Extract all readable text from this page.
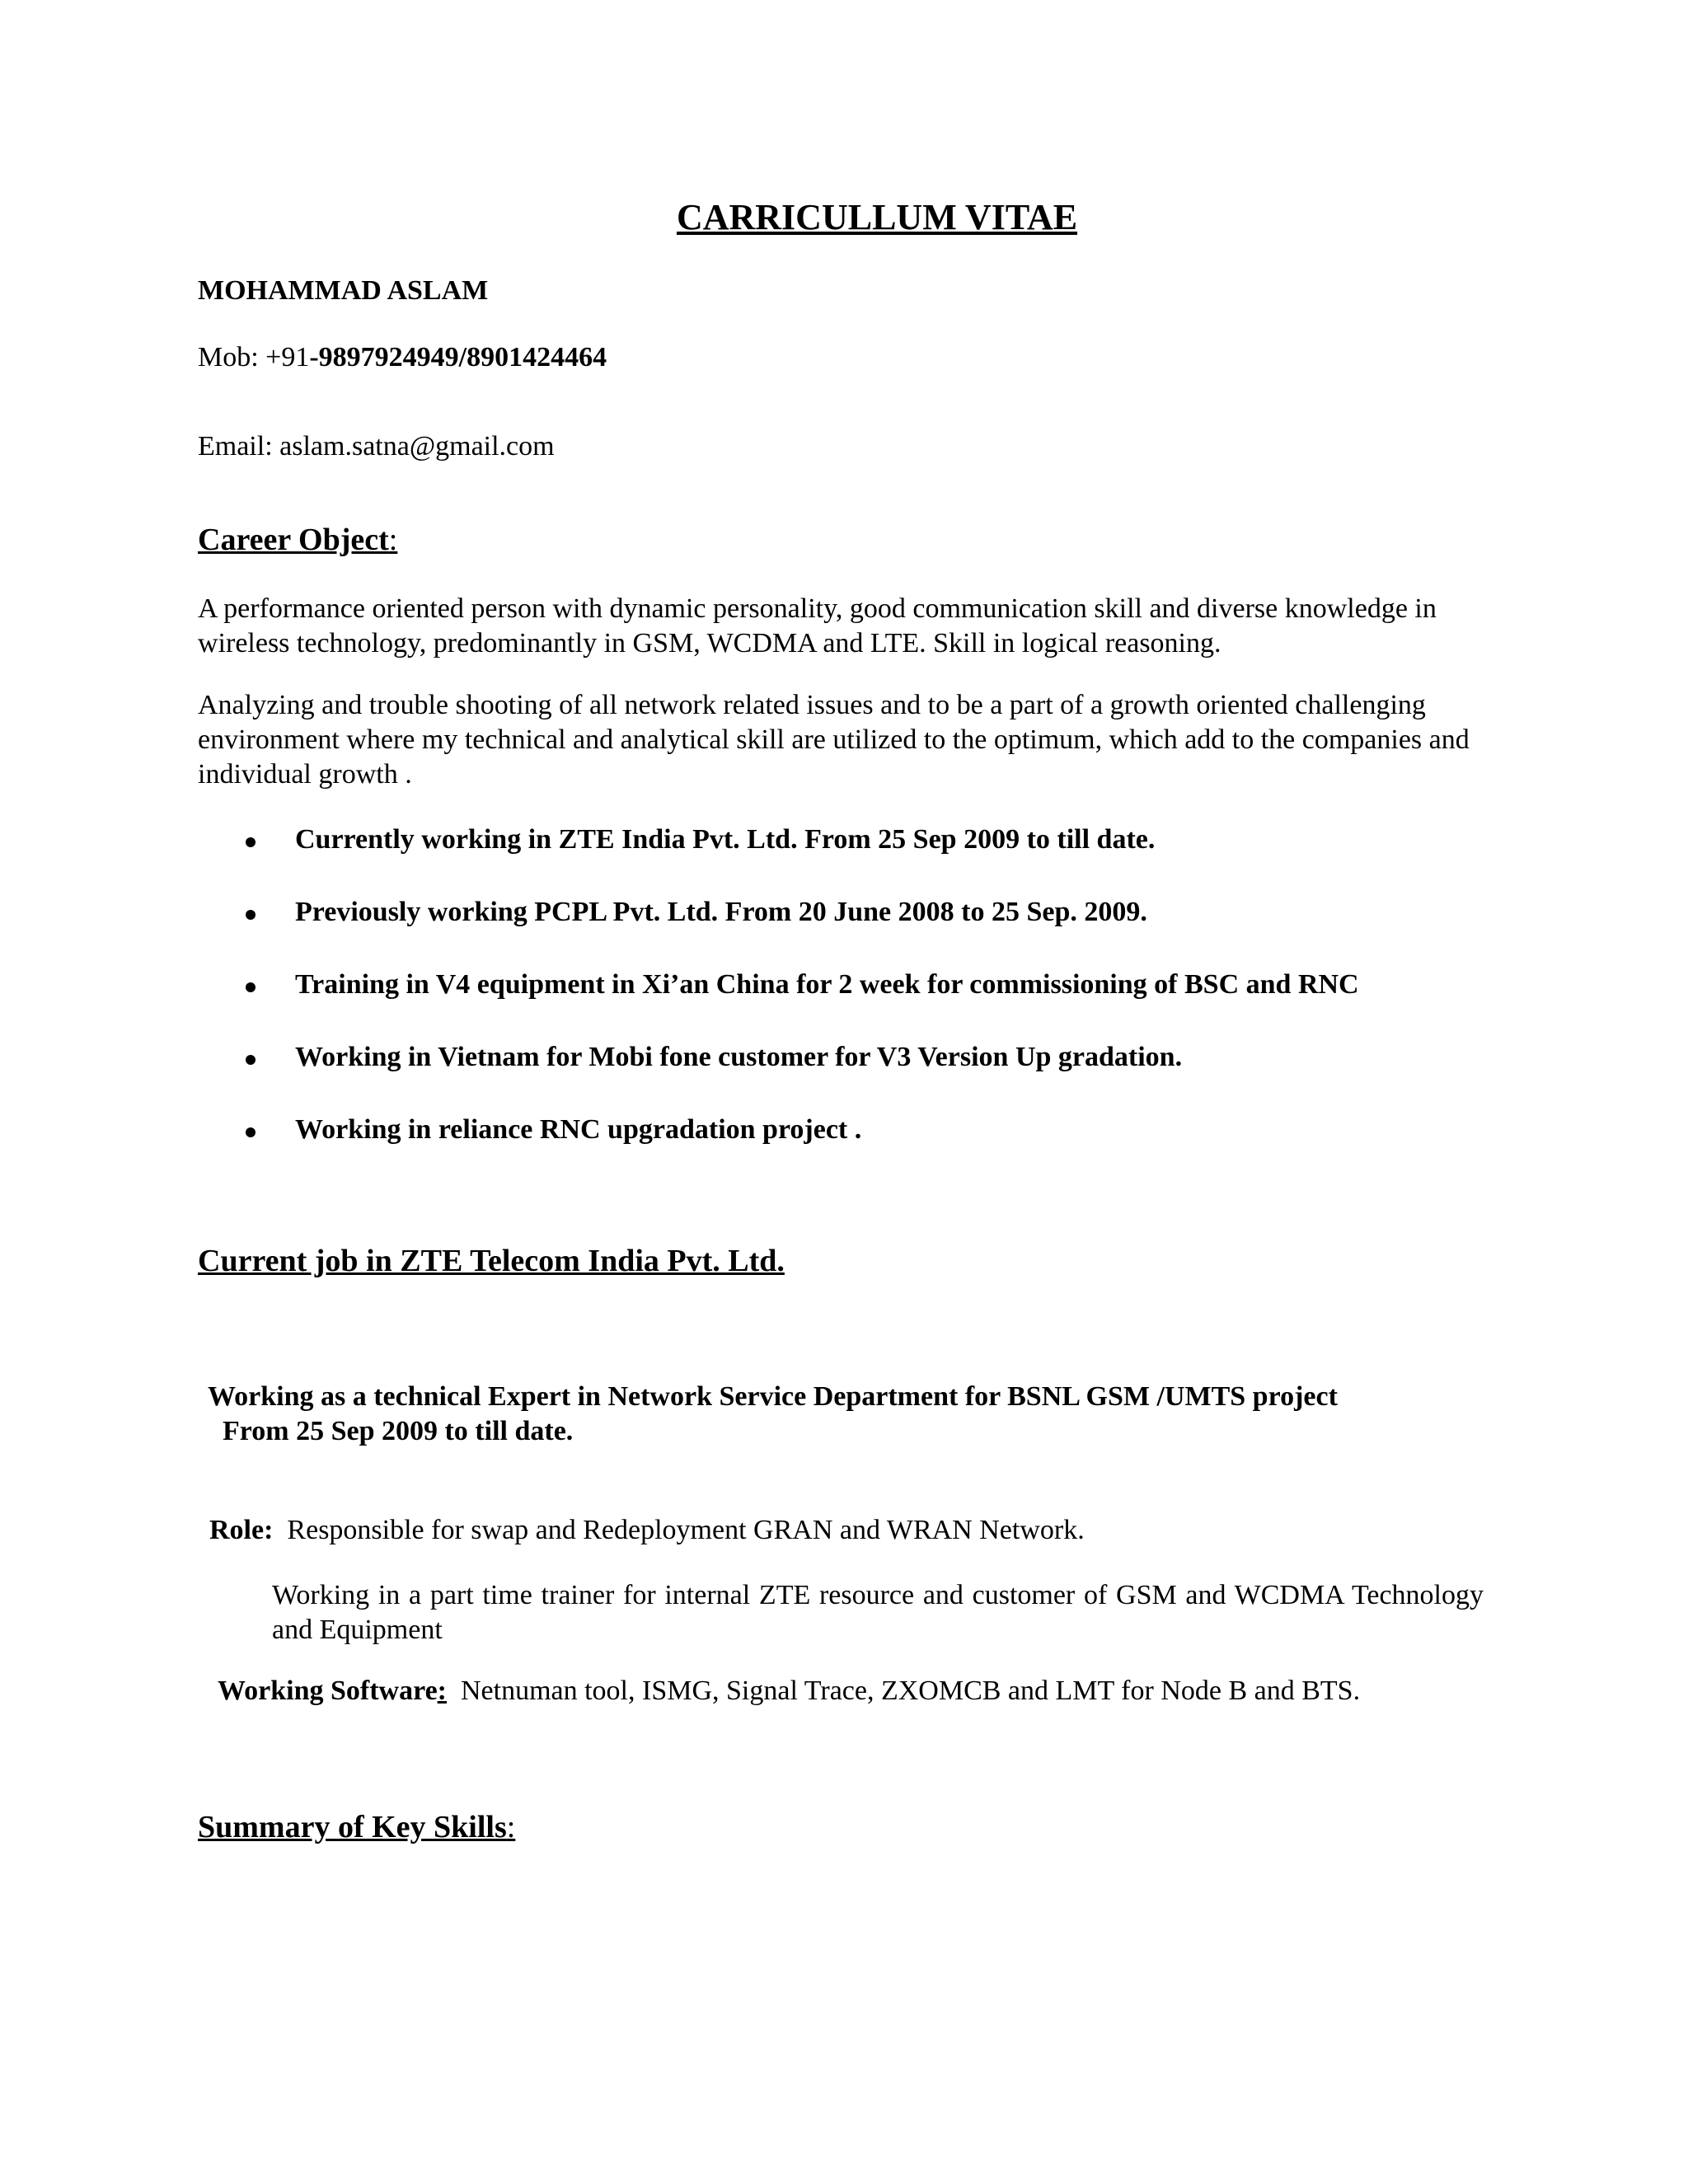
CARRICULLUM VITAE
MOHAMMAD ASLAM
Mob: +91-9897924949/8901424464
Email: aslam.satna@gmail.com
Career Object:
A performance oriented person with dynamic personality, good communication skill and diverse knowledge in wireless technology, predominantly in GSM, WCDMA and LTE. Skill in logical reasoning.
Analyzing and trouble shooting of all network related issues and to be a part of a growth oriented challenging environment where my technical and analytical skill are utilized to the optimum, which add to the companies and individual growth .
Currently working in ZTE India Pvt. Ltd. From 25 Sep 2009 to till date.
Previously working PCPL Pvt. Ltd. From 20 June 2008 to 25 Sep. 2009.
Training in V4 equipment in Xi’an China for 2 week for commissioning of BSC and RNC
Working in Vietnam for Mobi fone customer for V3 Version Up gradation.
Working in reliance RNC upgradation project .
Current job in ZTE Telecom India Pvt. Ltd.
Working as a technical Expert in Network Service Department for BSNL GSM /UMTS project
From 25 Sep 2009 to till date.
Role: Responsible for swap and Redeployment GRAN and WRAN Network.
Working in a part time trainer for internal ZTE resource and customer of GSM and WCDMA Technology and Equipment
Working Software: Netnuman tool, ISMG, Signal Trace, ZXOMCB and LMT for Node B and BTS.
Summary of Key Skills:
